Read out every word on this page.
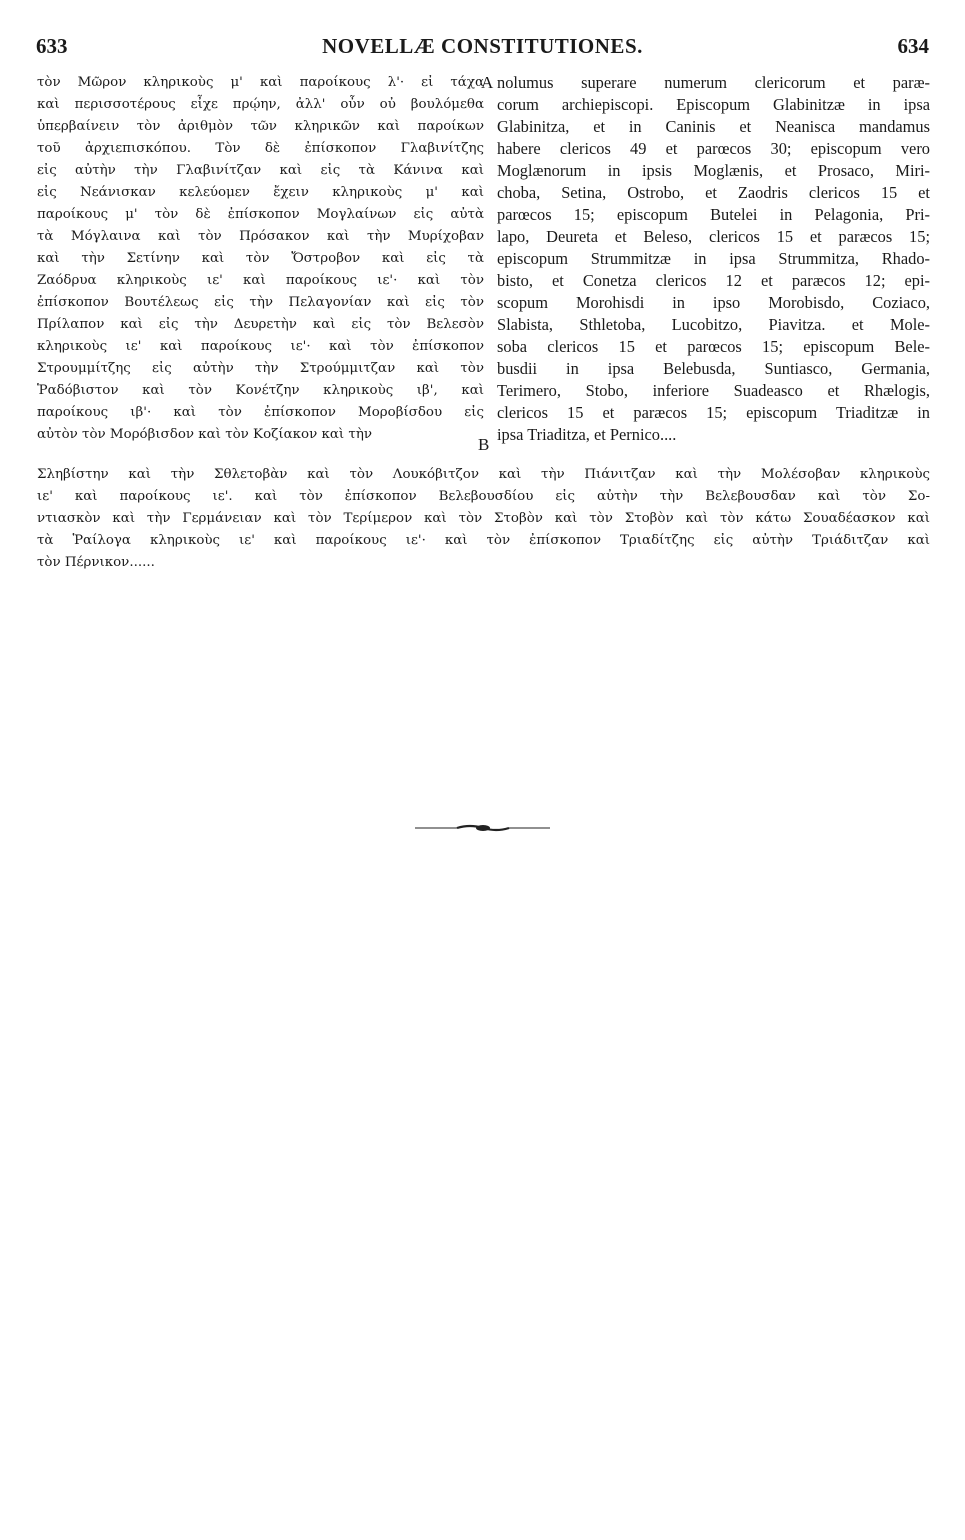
633	NOVELLÆ CONSTITUTIONES.	634
τὸν Μῶρον κληρικοὺς μ' καὶ παροίκους λ'· εἰ τάχα
καὶ περισσοτέρους εἶχε πρῴην, ἀλλ' οὖν οὐ βουλόμεθα
ὑπερβαίνειν τὸν ἀριθμὸν τῶν κληρικῶν καὶ παροίκων
τοῦ ἀρχιεπισκόπου. Τὸν δὲ ἐπίσκοπον Γλαβινίτζης
εἰς αὐτὴν τὴν Γλαβινίτζαν καὶ εἰς τὰ Κάνινα καὶ
εἰς Νεάνισκαν κελεύομεν ἔχειν κληρικοὺς μ' καὶ
παροίκους μ' τὸν δὲ ἐπίσκοπον Μογλαίνων εἰς αὐτὰ
τὰ Μόγλαινα καὶ τὸν Πρόσακον καὶ τὴν Μυρίχοβαν
καὶ τὴν Σετίνην καὶ τὸν Ὄστροβον καὶ εἰς τὰ
Ζαόδρυα κληρικοὺς ιε' καὶ παροίκους ιε'· καὶ τὸν
ἐπίσκοπον Βουτέλεως εἰς τὴν Πελαγονίαν καὶ εἰς τὸν
Πρίλαπον καὶ εἰς τὴν Δευρετὴν καὶ εἰς τὸν Βελεσὸν
κληρικοὺς ιε' καὶ παροίκους ιε'· καὶ τὸν ἐπίσκοπον
Στρουμμίτζης εἰς αὐτὴν τὴν Στρούμμιτζαν καὶ τὸν
Ῥαδόβιστον καὶ τὸν Κονέτζην κληρικοὺς ιβ', καὶ
παροίκους ιβ'· καὶ τὸν ἐπίσκοπον Μοροβίσδου εἰς
αὐτὸν τὸν Μορόβισδον καὶ τὸν Κοζίακον καὶ τὴν
nolumus superare numerum clericorum et paræ-
corum archiepiscopi. Episcopum Glabinitzæ in ipsa
Glabinitza, et in Caninis et Neanisca mandamus
habere clericos 49 et parœcos 30; episcopum vero
Moglænorum in ipsis Moglænis, et Prosaco, Miri-
choba, Setina, Ostrobo, et Zaodris clericos 15 et
parœcos 15; episcopum Butelei in Pelagonia, Pri-
lapo, Deureta et Beleso, clericos 15 et paræcos 15;
episcopum Strummitzæ in ipsa Strummitza, Rhado-
bisto, et Conetza clericos 12 et paræcos 12; epi-
scopum Morohisdi in ipso Morobisdo, Coziaco,
Slabista, Sthletoba, Lucobitzo, Piavitza. et Mole-
soba clericos 15 et parœcos 15; episcopum Bele-
busdii in ipsa Belebusda, Suntiasco, Germania,
Terimero, Stobo, inferiore Suadeasco et Rhælogis,
clericos 15 et paræcos 15; episcopum Triaditzæ in
ipsa Triaditza, et Pernico....
A
B
Σληβίστην καὶ τὴν Σθλετοβὰν καὶ τὸν Λουκόβιτζον καὶ τὴν Πιάνιτζαν καὶ τὴν Μολέσοβαν κληρικοὺς
ιε' καὶ παροίκους ιε'. καὶ τὸν ἐπίσκοπον Βελεβουσδίου εἰς αὐτὴν τὴν Βελεβουσδαν καὶ τὸν Σο-
ντιασκὸν καὶ τὴν Γερμάνειαν καὶ τὸν Τερίμερον καὶ τὸν Στοβὸν καὶ τὸν Στοβὸν καὶ τὸν κάτω Σουαδέασκον καὶ
τὰ Ῥαίλογα κληρικοὺς ιε' καὶ παροίκους ιε'· καὶ τὸν ἐπίσκοπον Τριαδίτζης εἰς αὐτὴν Τριάδιτζαν καὶ
τὸν Πέρνικον......
